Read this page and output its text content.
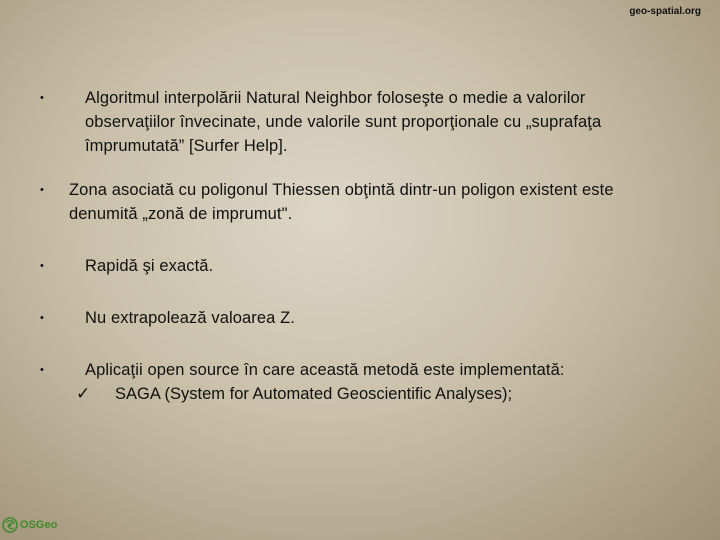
geo-spatial.org
• Algoritmul interpolării Natural Neighbor foloseşte o medie a valorilor
observaţiilor învecinate, unde valorile sunt proporţionale cu „suprafaţa
împrumutată” [Surfer Help].
• Zona asociată cu poligonul Thiessen obţintă dintr-un poligon existent este
denumită „zonă de imprumut".
• Rapidă şi exactă.
• Nu extrapolează valoarea Z.
• Aplicaţii open source în care această metodă este implementată:
✓ SAGA (System for Automated Geoscientific Analyses);
OSGeo
